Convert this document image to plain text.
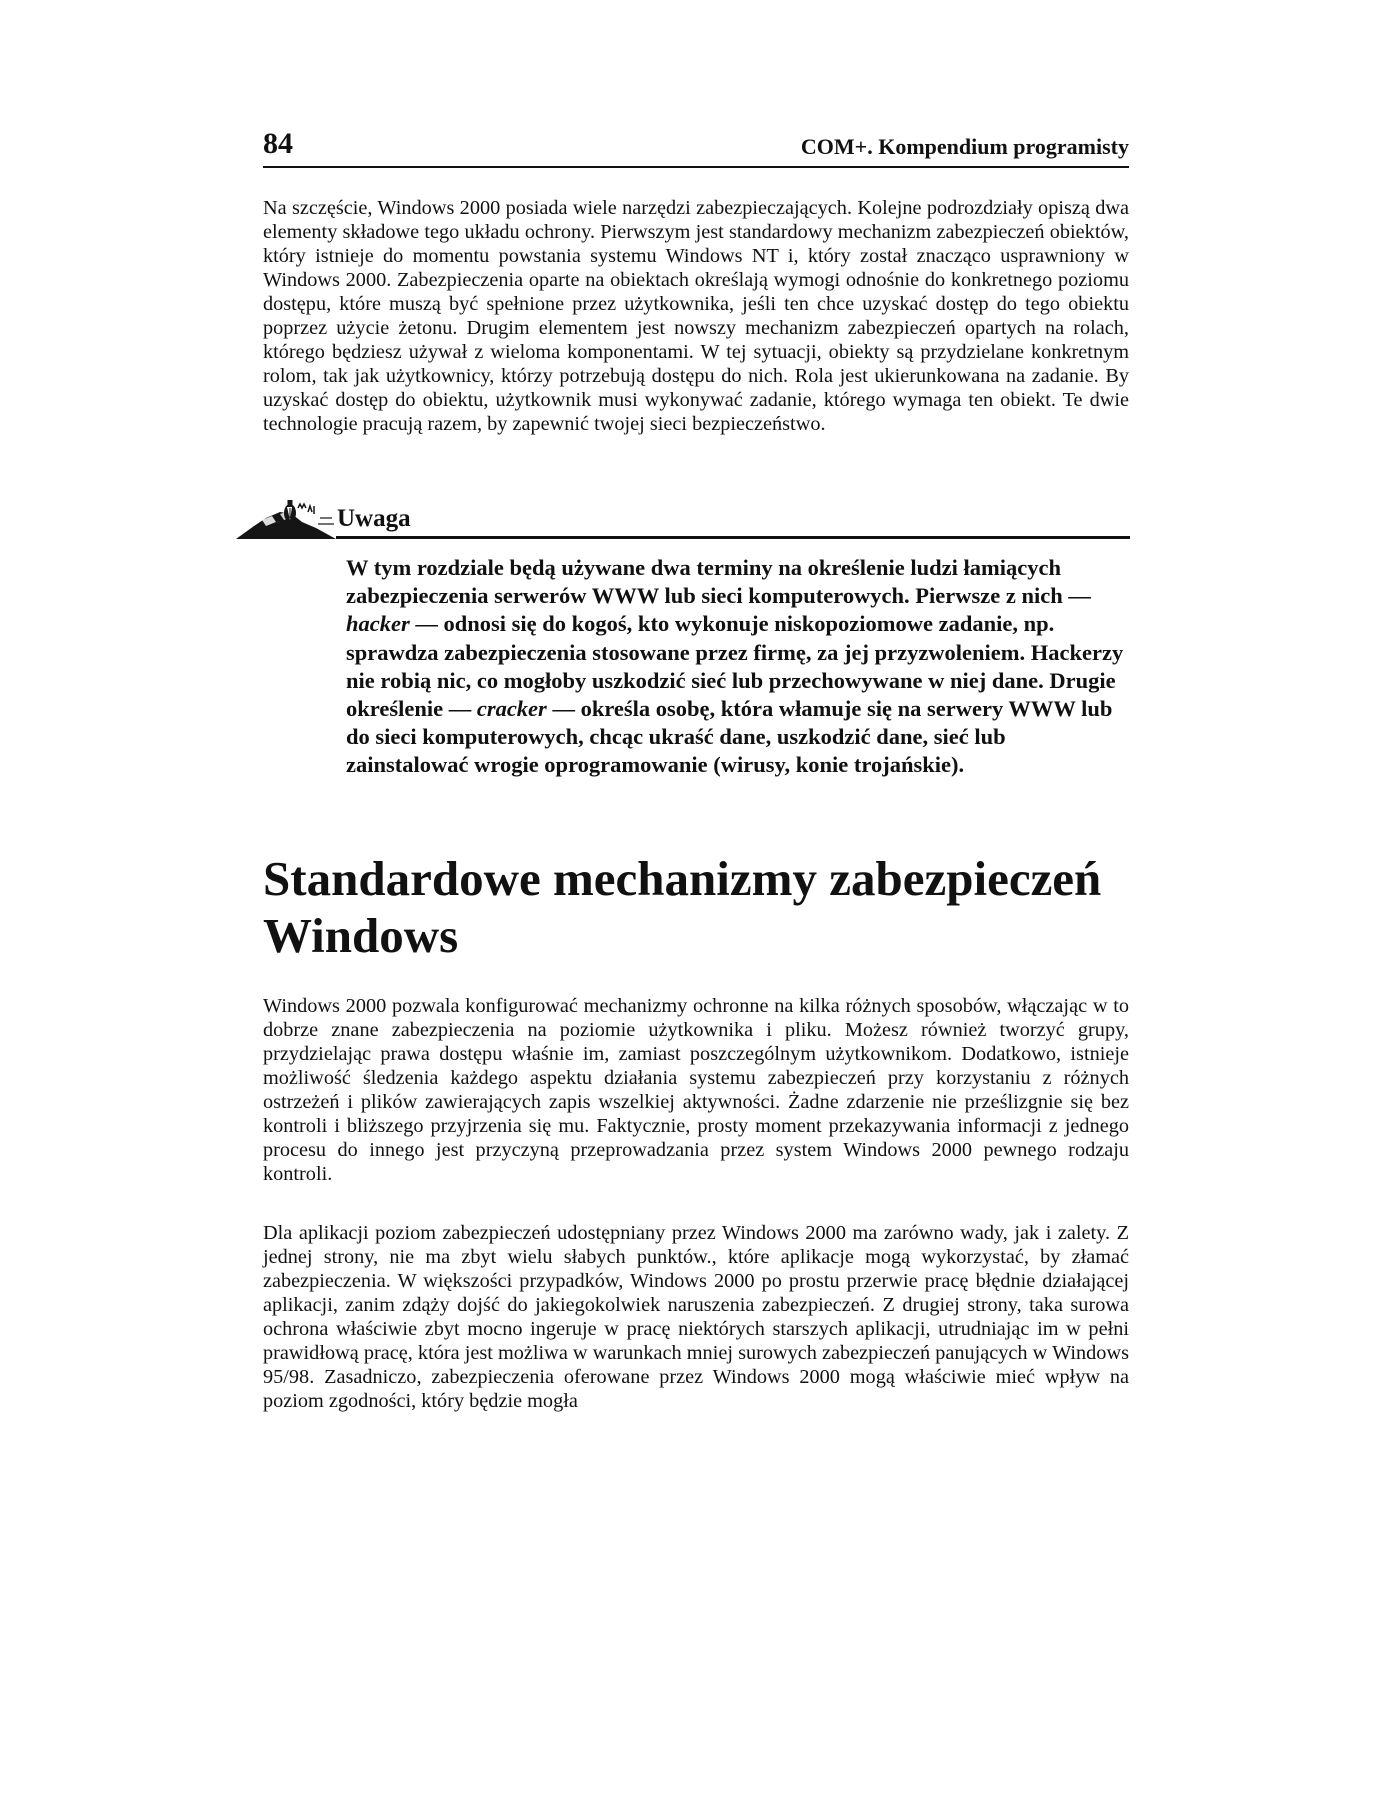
84	COM+. Kompendium programisty

Na szczęście, Windows 2000 posiada wiele narzędzi zabezpieczających. Kolejne podrozdziały opiszą dwa elementy składowe tego układu ochrony. Pierwszym jest standardowy mechanizm zabezpieczeń obiektów, który istnieje do momentu powstania systemu Windows NT i, który został znacząco usprawniony w Windows 2000. Zabezpieczenia oparte na obiektach określają wymogi odnośnie do konkretnego poziomu dostępu, które muszą być spełnione przez użytkownika, jeśli ten chce uzyskać dostęp do tego obiektu poprzez użycie żetonu. Drugim elementem jest nowszy mechanizm zabezpieczeń opartych na rolach, którego będziesz używał z wieloma komponentami. W tej sytuacji, obiekty są przydzielane konkretnym rolom, tak jak użytkownicy, którzy potrzebują dostępu do nich. Rola jest ukierunkowana na zadanie. By uzyskać dostęp do obiektu, użytkownik musi wykonywać zadanie, którego wymaga ten obiekt. Te dwie technologie pracują razem, by zapewnić twojej sieci bezpieczeństwo.

Uwaga

W tym rozdziale będą używane dwa terminy na określenie ludzi łamiących zabezpieczenia serwerów WWW lub sieci komputerowych. Pierwsze z nich — hacker — odnosi się do kogoś, kto wykonuje niskopoziomowe zadanie, np. sprawdza zabezpieczenia stosowane przez firmę, za jej przyzwoleniem. Hackerzy nie robią nic, co mogłoby uszkodzić sieć lub przechowywane w niej dane. Drugie określenie — cracker — określa osobę, która włamuje się na serwery WWW lub do sieci komputerowych, chcąc ukraść dane, uszkodzić dane, sieć lub zainstalować wrogie oprogramowanie (wirusy, konie trojańskie).

Standardowe mechanizmy zabezpieczeń Windows

Windows 2000 pozwala konfigurować mechanizmy ochronne na kilka różnych sposobów, włączając w to dobrze znane zabezpieczenia na poziomie użytkownika i pliku. Możesz również tworzyć grupy, przydzielając prawa dostępu właśnie im, zamiast poszczególnym użytkownikom. Dodatkowo, istnieje możliwość śledzenia każdego aspektu działania systemu zabezpieczeń przy korzystaniu z różnych ostrzeżeń i plików zawierających zapis wszelkiej aktywności. Żadne zdarzenie nie prześlizgnie się bez kontroli i bliższego przyjrzenia się mu. Faktycznie, prosty moment przekazywania informacji z jednego procesu do innego jest przyczyną przeprowadzania przez system Windows 2000 pewnego rodzaju kontroli.

Dla aplikacji poziom zabezpieczeń udostępniany przez Windows 2000 ma zarówno wady, jak i zalety. Z jednej strony, nie ma zbyt wielu słabych punktów., które aplikacje mogą wykorzystać, by złamać zabezpieczenia. W większości przypadków, Windows 2000 po prostu przerwie pracę błędnie działającej aplikacji, zanim zdąży dojść do jakiegokolwiek naruszenia zabezpieczeń. Z drugiej strony, taka surowa ochrona właściwie zbyt mocno ingeruje w pracę niektórych starszych aplikacji, utrudniając im w pełni prawidłową pracę, która jest możliwa w warunkach mniej surowych zabezpieczeń panujących w Windows 95/98. Zasadniczo, zabezpieczenia oferowane przez Windows 2000 mogą właściwie mieć wpływ na poziom zgodności, który będzie mogła
